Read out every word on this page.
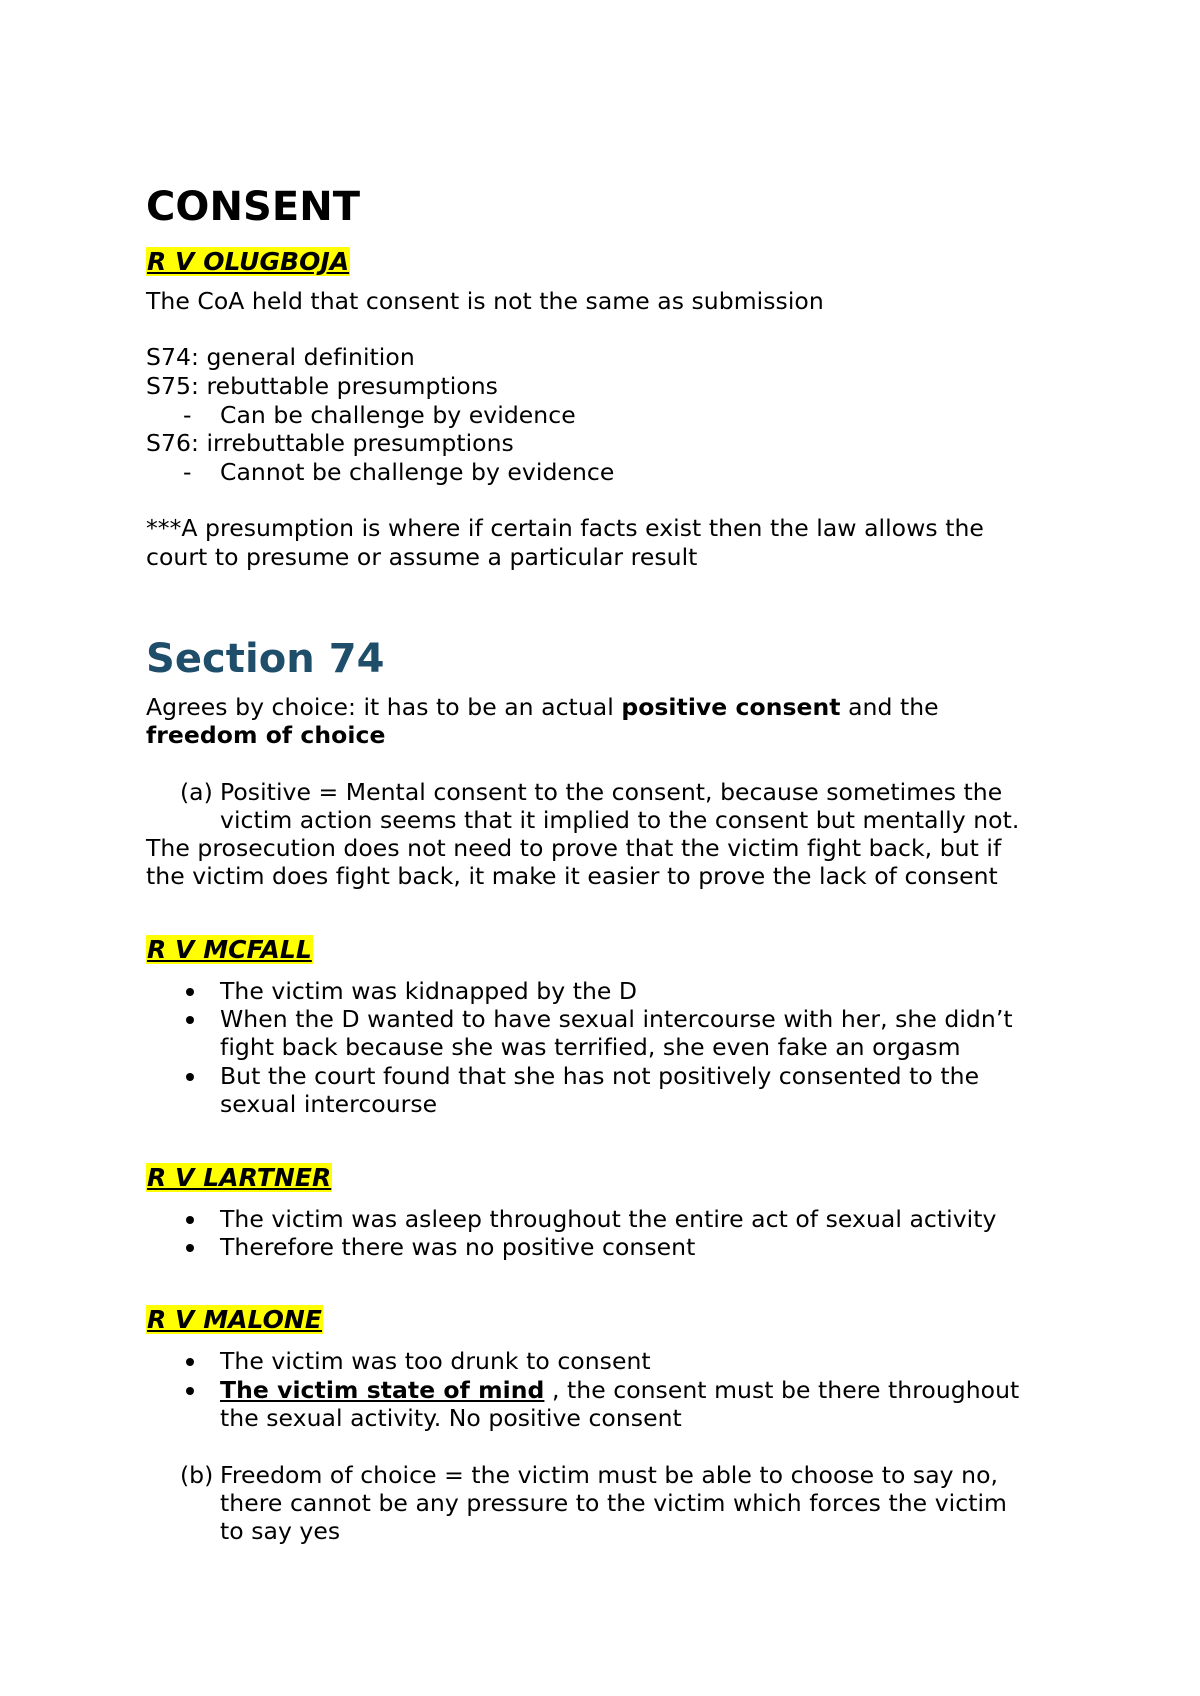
CONSENT

R V OLUGBOJA

The CoA held that consent is not the same as submission

S74: general definition

S75: rebuttable presumptions

- Can be challenge by evidence

S76: irrebuttable presumptions

- Cannot be challenge by evidence

***A presumption is where if certain facts exist then the law allows the

court to presume or assume a particular result

Section 74

Agrees by choice: it has to be an actual positive consent and the

freedom of choice

(a) Positive = Mental consent to the consent, because sometimes the

victim action seems that it implied to the consent but mentally not.

The prosecution does not need to prove that the victim fight back, but if

the victim does fight back, it make it easier to prove the lack of consent

R V MCFALL

The victim was kidnapped by the D

When the D wanted to have sexual intercourse with her, she didn’t

fight back because she was terrified, she even fake an orgasm

But the court found that she has not positively consented to the

sexual intercourse

R V LARTNER

The victim was asleep throughout the entire act of sexual activity

Therefore there was no positive consent

R V MALONE

The victim was too drunk to consent

The victim state of mind , the consent must be there throughout

the sexual activity. No positive consent

(b) Freedom of choice = the victim must be able to choose to say no,

there cannot be any pressure to the victim which forces the victim

to say yes
